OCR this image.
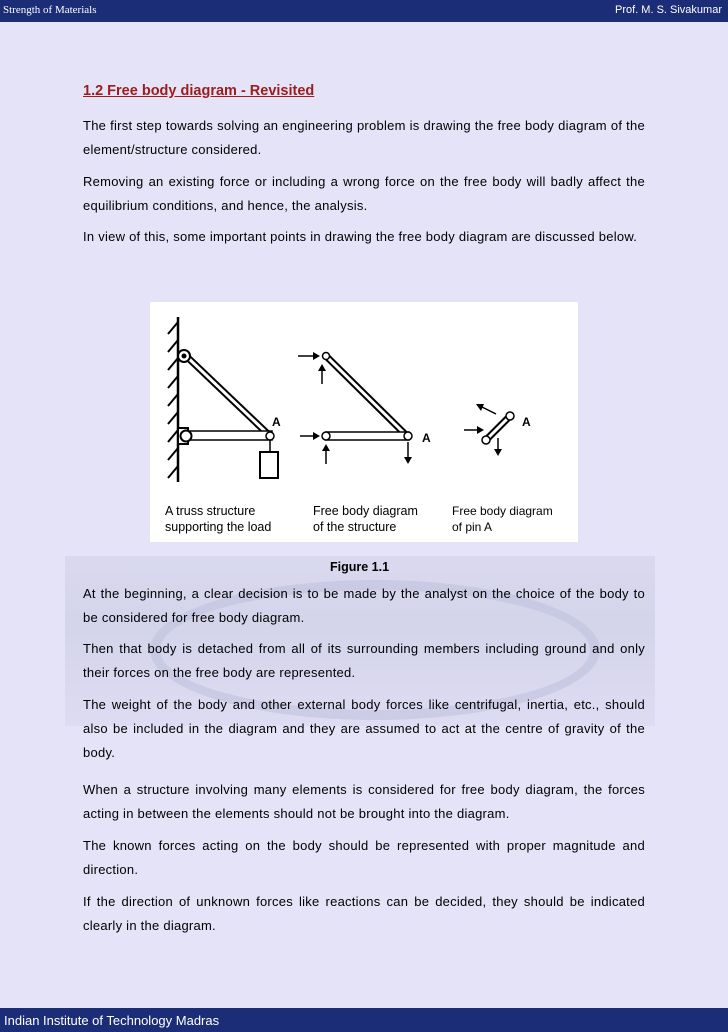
Strength of Materials	Prof. M. S. Sivakumar
1.2 Free body diagram - Revisited

The first step towards solving an engineering problem is drawing the free body diagram of the element/structure considered.

Removing an existing force or including a wrong force on the free body will badly affect the equilibrium conditions, and hence, the analysis.

In view of this, some important points in drawing the free body diagram are discussed below.

A
A
A
A truss structure
supporting the load
Free body diagram
of the structure
Free body diagram
of pin A
Figure 1.1

At the beginning, a clear decision is to be made by the analyst on the choice of the body to be considered for free body diagram.

Then that body is detached from all of its surrounding members including ground and only their forces on the free body are represented.

The weight of the body and other external body forces like centrifugal, inertia, etc., should also be included in the diagram and they are assumed to act at the centre of gravity of the body.

When a structure involving many elements is considered for free body diagram, the forces acting in between the elements should not be brought into the diagram.

The known forces acting on the body should be represented with proper magnitude and direction.

If the direction of unknown forces like reactions can be decided, they should be indicated clearly in the diagram.

Indian Institute of Technology Madras
